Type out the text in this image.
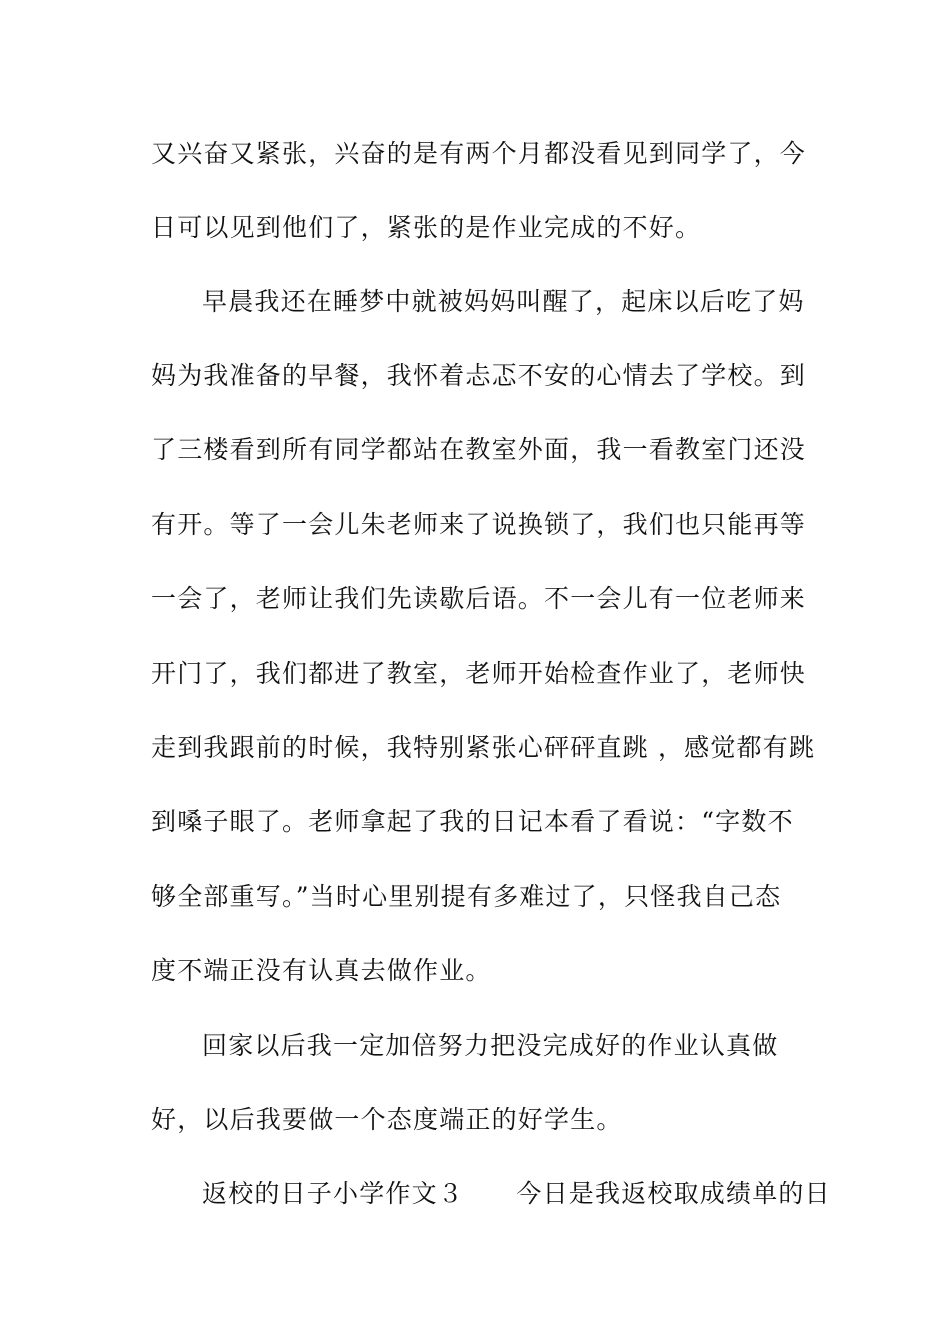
又兴奋又紧张，兴奋的是有两个月都没看见到同学了，今

日可以见到他们了，紧张的是作业完成的不好。

早晨我还在睡梦中就被妈妈叫醒了，起床以后吃了妈

妈为我准备的早餐，我怀着忐忑不安的心情去了学校。到

了三楼看到所有同学都站在教室外面，我一看教室门还没

有开。等了一会儿朱老师来了说换锁了，我们也只能再等

一会了，老师让我们先读歇后语。不一会儿有一位老师来

开门了，我们都进了教室，老师开始检查作业了，老师快

走到我跟前的时候，我特别紧张心砰砰直跳 ，感觉都有跳

到嗓子眼了。老师拿起了我的日记本看了看说：“字数不

够全部重写。”当时心里别提有多难过了，只怪我自己态

度不端正没有认真去做作业。

回家以后我一定加倍努力把没完成好的作业认真做

好，以后我要做一个态度端正的好学生。

返校的日子小学作文３　　今日是我返校取成绩单的日
